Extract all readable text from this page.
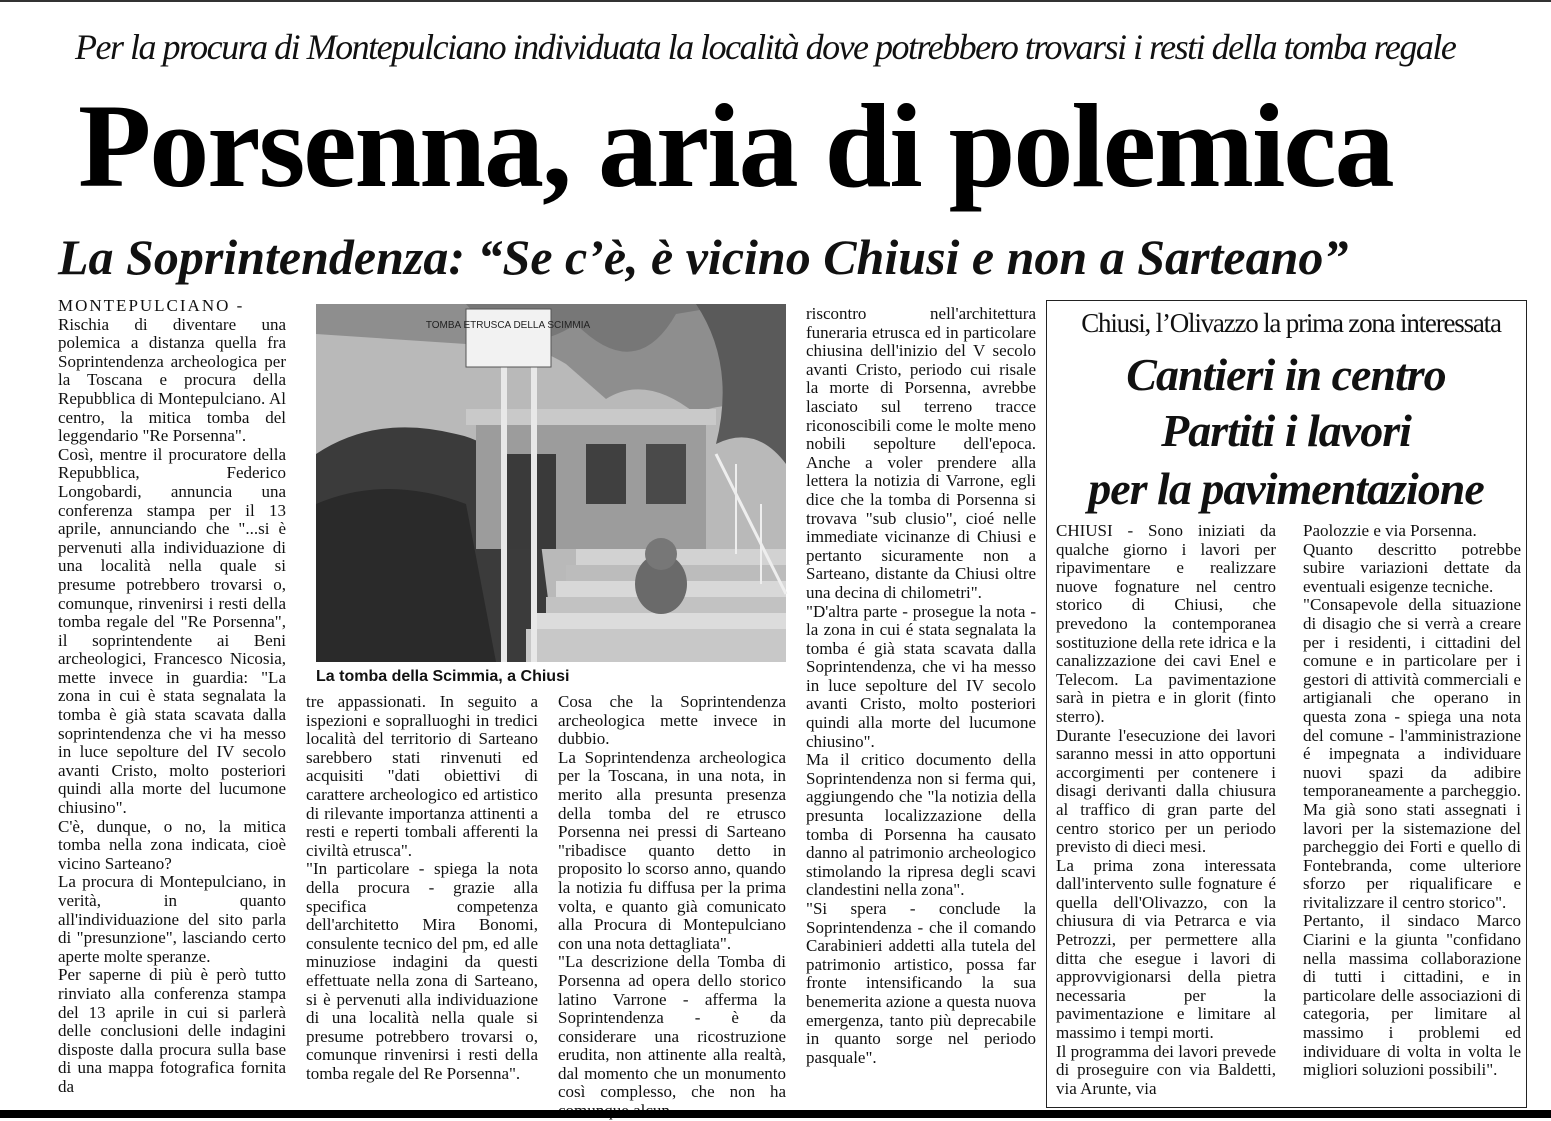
Per la procura di Montepulciano individuata la località dove potrebbero trovarsi i resti della tomba regale
Porsenna, aria di polemica
La Soprintendenza: “Se c’è, è vicino Chiusi e non a Sarteano”

MONTEPULCIANO -

Rischia di diventare una polemica a distanza quella fra Soprintendenza archeologica per la Toscana e procura della Repubblica di Montepulciano. Al centro, la mitica tomba del leggendario "Re Porsenna".

Così, mentre il procuratore della Repubblica, Federico Longobardi, annuncia una conferenza stampa per il 13 aprile, annunciando che "...si è pervenuti alla individuazione di una località nella quale si presume potrebbero trovarsi o, comunque, rinvenirsi i resti della tomba regale del "Re Porsenna", il soprintendente ai Beni archeologici, Francesco Nicosia, mette invece in guardia: "La zona in cui è stata segnalata la tomba è già stata scavata dalla soprintendenza che vi ha messo in luce sepolture del IV secolo avanti Cristo, molto posteriori quindi alla morte del lucumone chiusino".

C'è, dunque, o no, la mitica tomba nella zona indicata, cioè vicino Sarteano?

La procura di Montepulciano, in verità, in quanto all'individuazione del sito parla di "presunzione", lasciando certo aperte molte speranze.

Per saperne di più è però tutto rinviato alla conferenza stampa del 13 aprile in cui si parlerà delle conclusioni delle indagini disposte dalla procura sulla base di una mappa fotografica fornita da

TOMBA ETRUSCA DELLA SCIMMIA
La tomba della Scimmia, a Chiusi

tre appassionati. In seguito a ispezioni e sopralluoghi in tredici località del territorio di Sarteano sarebbero stati rinvenuti ed acquisiti "dati obiettivi di carattere archeologico ed artistico di rilevante importanza attinenti a resti e reperti tombali afferenti la civiltà etrusca".

"In particolare - spiega la nota della procura - grazie alla specifica competenza dell'architetto Mira Bonomi, consulente tecnico del pm, ed alle minuziose indagini da questi effettuate nella zona di Sarteano, si è pervenuti alla individuazione di una località nella quale si presume potrebbero trovarsi o, comunque rinvenirsi i resti della tomba regale del Re Porsenna".

Cosa che la Soprintendenza archeologica mette invece in dubbio.

La Soprintendenza archeologica per la Toscana, in una nota, in merito alla presunta presenza della tomba del re etrusco Porsenna nei pressi di Sarteano "ribadisce quanto detto in proposito lo scorso anno, quando la notizia fu diffusa per la prima volta, e quanto già comunicato alla Procura di Montepulciano con una nota dettagliata".

"La descrizione della Tomba di Porsenna ad opera dello storico latino Varrone - afferma la Soprintendenza - è da considerare una ricostruzione erudita, non attinente alla realtà, dal momento che un monumento così complesso, che non ha

riscontro nell'architettura funeraria etrusca ed in particolare chiusina dell'inizio del V secolo avanti Cristo, periodo cui risale la morte di Porsenna, avrebbe lasciato sul terreno tracce riconoscibili come le molte meno nobili sepolture dell'epoca. Anche a voler prendere alla lettera la notizia di Varrone, egli dice che la tomba di Porsenna si trovava "sub clusio", cioé nelle immediate vicinanze di Chiusi e pertanto sicuramente non a Sarteano, distante da Chiusi oltre una decina di chilometri".

"D'altra parte - prosegue la nota - la zona in cui é stata segnalata la tomba é già stata scavata dalla Soprintendenza, che vi ha messo in luce sepolture del IV secolo avanti Cristo, molto posteriori quindi alla morte del lucumone chiusino".

Ma il critico documento della Soprintendenza non si ferma qui, aggiungendo che "la notizia della presunta localizzazione della tomba di Porsenna ha causato danno al patrimonio archeologico stimolando la ripresa degli scavi clandestini nella zona".

"Si spera - conclude la Soprintendenza - che il comando Carabinieri addetti alla tutela del patrimonio artistico, possa far fronte intensificando la sua benemerita azione a questa nuova emergenza, tanto più deprecabile in quanto sorge nel periodo pasquale".

Chiusi, l’Olivazzo la prima zona interessata
Cantieri in centro
Partiti i lavori
per la pavimentazione

CHIUSI - Sono iniziati da qualche giorno i lavori per ripavimentare e realizzare nuove fognature nel centro storico di Chiusi, che prevedono la contemporanea sostituzione della rete idrica e la canalizzazione dei cavi Enel e Telecom. La pavimentazione sarà in pietra e in glorit (finto sterro).

Durante l'esecuzione dei lavori saranno messi in atto opportuni accorgimenti per contenere i disagi derivanti dalla chiusura al traffico di gran parte del centro storico per un periodo previsto di dieci mesi.

La prima zona interessata dall'intervento sulle fognature é quella dell'Olivazzo, con la chiusura di via Petrarca e via Petrozzi, per permettere alla ditta che esegue i lavori di approvvigionarsi della pietra necessaria per la pavimentazione e limitare al massimo i tempi morti.

Il programma dei lavori prevede di proseguire con via Baldetti, via Arunte, via

Paolozzie e via Porsenna.

Quanto descritto potrebbe subire variazioni dettate da eventuali esigenze tecniche.

"Consapevole della situazione di disagio che si verrà a creare per i residenti, i cittadini del comune e in particolare per i gestori di attività commerciali e artigianali che operano in questa zona - spiega una nota del comune - l'amministrazione é impegnata a individuare nuovi spazi da adibire temporaneamente a parcheggio. Ma già sono stati assegnati i lavori per la sistemazione del parcheggio dei Forti e quello di Fontebranda, come ulteriore sforzo per riqualificare e rivitalizzare il centro storico".

Pertanto, il sindaco Marco Ciarini e la giunta "confidano nella massima collaborazione di tutti i cittadini, e in particolare delle associazioni di categoria, per limitare al massimo i problemi ed individuare di volta in volta le migliori soluzioni possibili".
